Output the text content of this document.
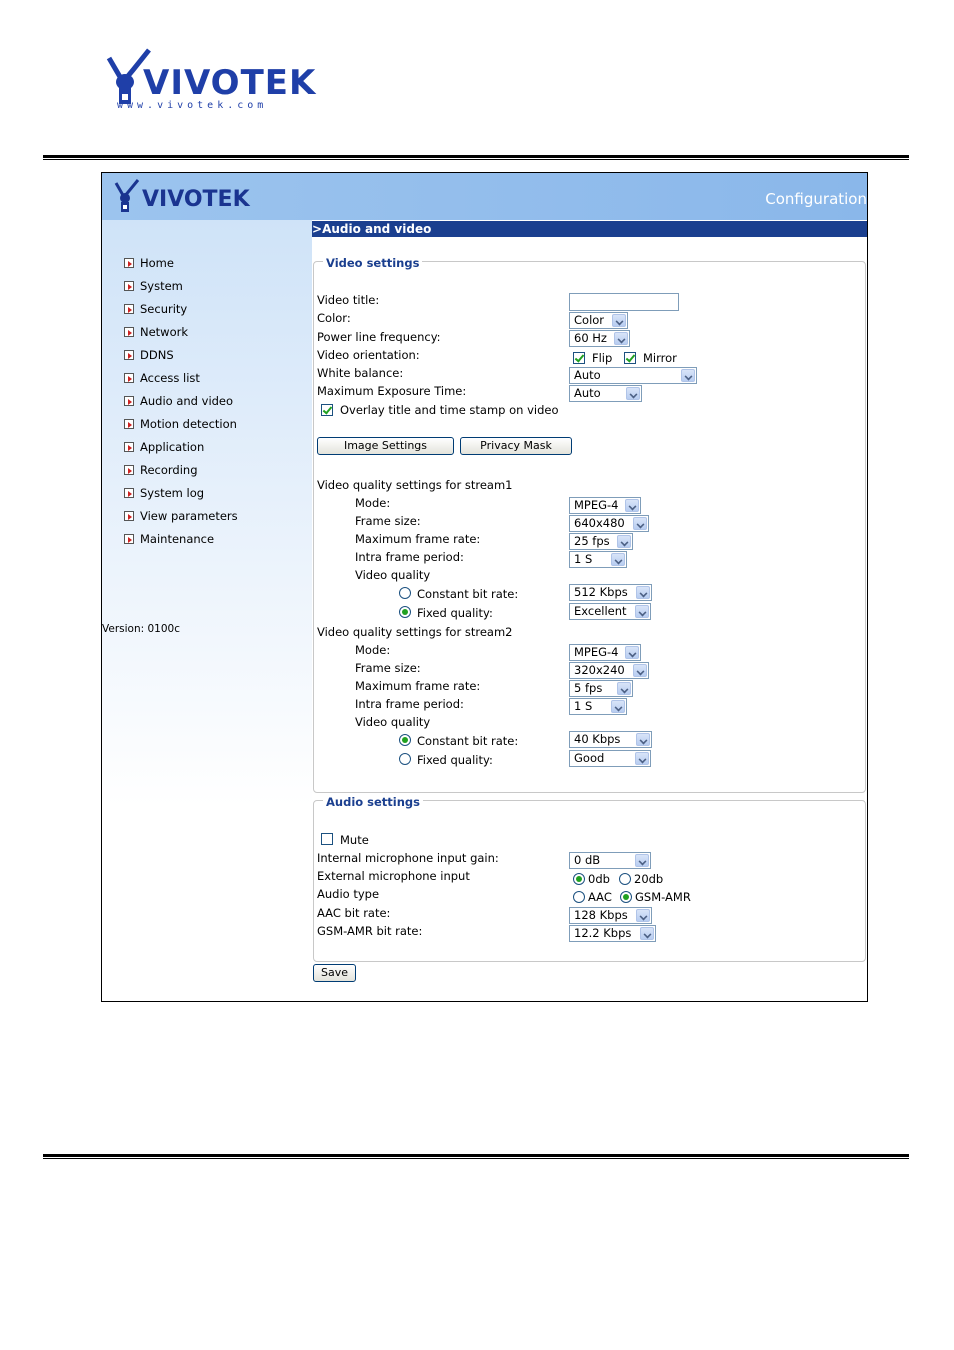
VIVOTEK
www.vivotek.com
VIVOTEK	Configuration
Home
System
Security
Network
DDNS
Access list
Audio and video
Motion detection
Application
Recording
System log
View parameters
Maintenance
Version: 0100c
>Audio and video
Video settings
Video title:
Color:	Color
Power line frequency:	60 Hz
Video orientation:	Flip	Mirror
White balance:	Auto
Maximum Exposure Time:	Auto
Overlay title and time stamp on video
Image Settings	Privacy Mask
Video quality settings for stream1
Mode:	MPEG-4
Frame size:	640x480
Maximum frame rate:	25 fps
Intra frame period:	1 S
Video quality
Constant bit rate:	512 Kbps
Fixed quality:	Excellent
Video quality settings for stream2
Mode:	MPEG-4
Frame size:	320x240
Maximum frame rate:	5 fps
Intra frame period:	1 S
Video quality
Constant bit rate:	40 Kbps
Fixed quality:	Good
Audio settings
Mute
Internal microphone input gain:	0 dB
External microphone input	0db 20db
Audio type	AAC GSM-AMR
AAC bit rate:	128 Kbps
GSM-AMR bit rate:	12.2 Kbps
Save
